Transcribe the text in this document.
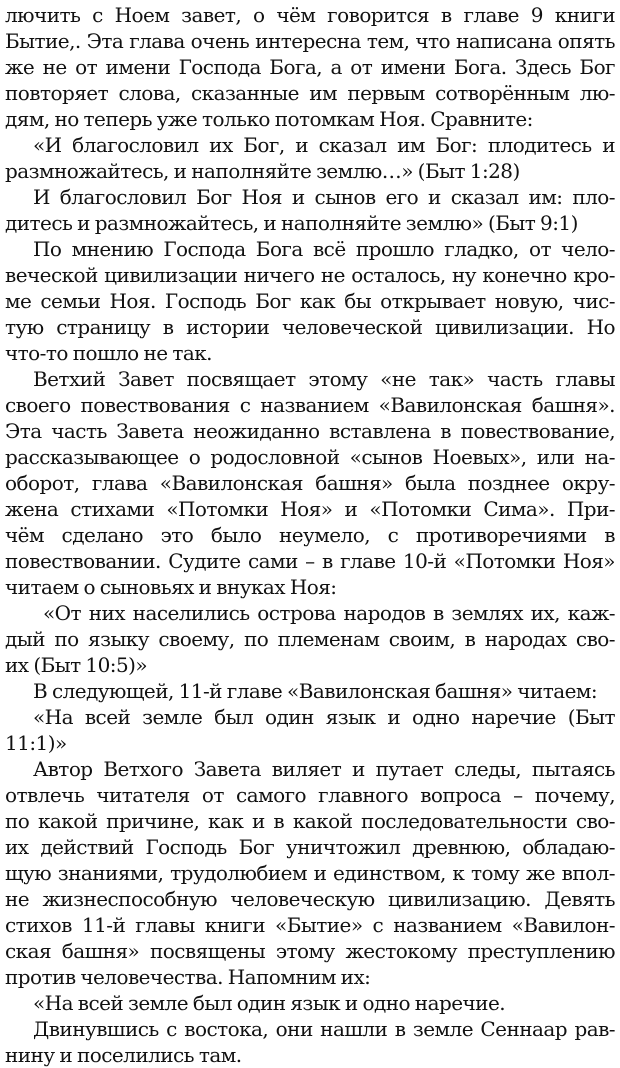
лючить с Ноем завет, о чём говорится в главе 9 книги
Бытие,. Эта глава очень интересна тем, что написана опять
же не от имени Господа Бога, а от имени Бога. Здесь Бог
повторяет слова, сказанные им первым сотворённым лю-
дям, но теперь уже только потомкам Ноя. Сравните:
«И благословил их Бог, и сказал им Бог: плодитесь и
размножайтесь, и наполняйте землю…» (Быт 1:28)
И благословил Бог Ноя и сынов его и сказал им: пло-
дитесь и размножайтесь, и наполняйте землю» (Быт 9:1)
По мнению Господа Бога всё прошло гладко, от чело-
веческой цивилизации ничего не осталось, ну конечно кро-
ме семьи Ноя. Господь Бог как бы открывает новую, чис-
тую страницу в истории человеческой цивилизации. Но
что-то пошло не так.
Ветхий Завет посвящает этому «не так» часть главы
своего повествования с названием «Вавилонская башня».
Эта часть Завета неожиданно вставлена в повествование,
рассказывающее о родословной «сынов Ноевых», или на-
оборот, глава «Вавилонская башня» была позднее окру-
жена стихами «Потомки Ноя» и «Потомки Сима». При-
чём сделано это было неумело, с противоречиями в
повествовании. Судите сами – в главе 10-й «Потомки Ноя»
читаем о сыновьях и внуках Ноя:
«От них населились острова народов в землях их, каж-
дый по языку своему, по племенам своим, в народах сво-
их (Быт 10:5)»
В следующей, 11-й главе «Вавилонская башня» читаем:
«На всей земле был один язык и одно наречие (Быт
11:1)»
Автор Ветхого Завета виляет и путает следы, пытаясь
отвлечь читателя от самого главного вопроса – почему,
по какой причине, как и в какой последовательности сво-
их действий Господь Бог уничтожил древнюю, обладаю-
щую знаниями, трудолюбием и единством, к тому же впол-
не жизнеспособную человеческую цивилизацию. Девять
стихов 11-й главы книги «Бытие» с названием «Вавилон-
ская башня» посвящены этому жестокому преступлению
против человечества. Напомним их:
«На всей земле был один язык и одно наречие.
Двинувшись с востока, они нашли в земле Сеннаар рав-
нину и поселились там.
